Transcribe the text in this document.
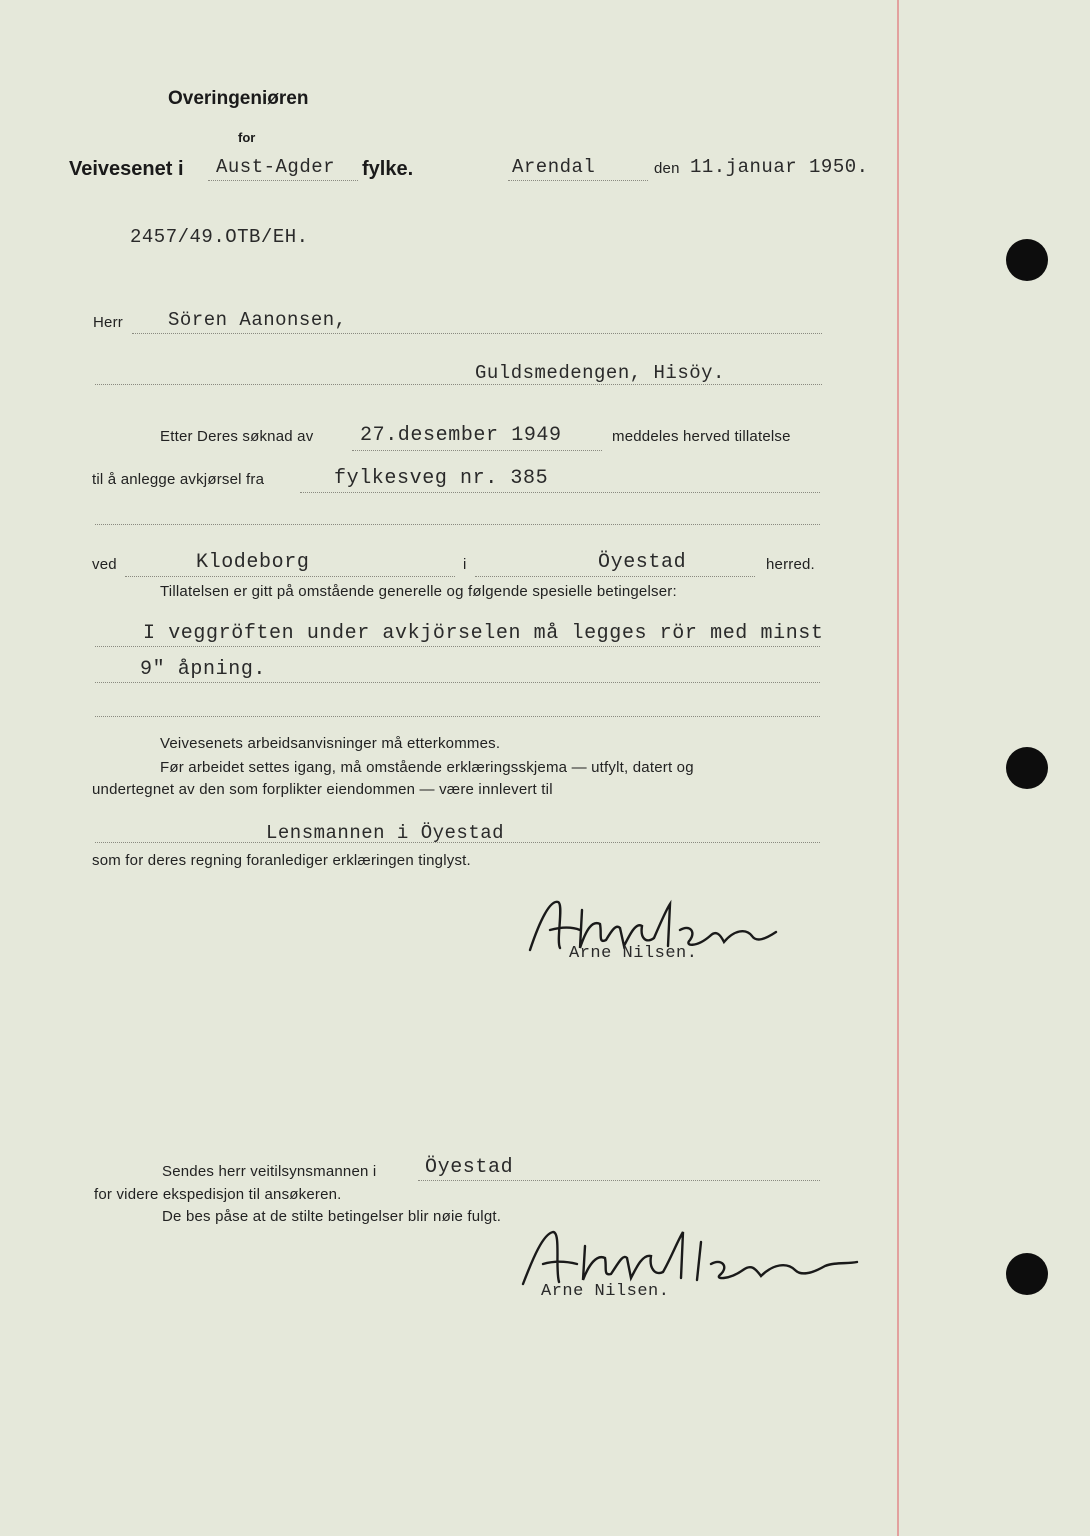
Overingeniøren
for
Veivesenet i Aust-Agder fylke.	Arendal	den 11.januar 1950.
2457/49.OTB/EH.
Herr Sören Aanonsen,
Guldsmedengen, Hisöy.
Etter Deres søknad av 27.desember 1949	meddeles herved tillatelse
til å anlegge avkjørsel fra	fylkesveg nr. 385
ved	Klodeborg	i	Öyestad	herred.
Tillatelsen er gitt på omstående generelle og følgende spesielle betingelser:
I veggröften under avkjörselen må legges rör med minst
9" åpning.
Veivesenets arbeidsanvisninger må etterkommes.
Før arbeidet settes igang, må omstående erklæringsskjema — utfylt, datert og
undertegnet av den som forplikter eiendommen — være innlevert til
Lensmannen i Öyestad
som for deres regning foranlediger erklæringen tinglyst.
Arne Nilsen.
Sendes herr veitilsynsmannen i Öyestad
for videre ekspedisjon til ansøkeren.
De bes påse at de stilte betingelser blir nøie fulgt.
Arne Nilsen.
